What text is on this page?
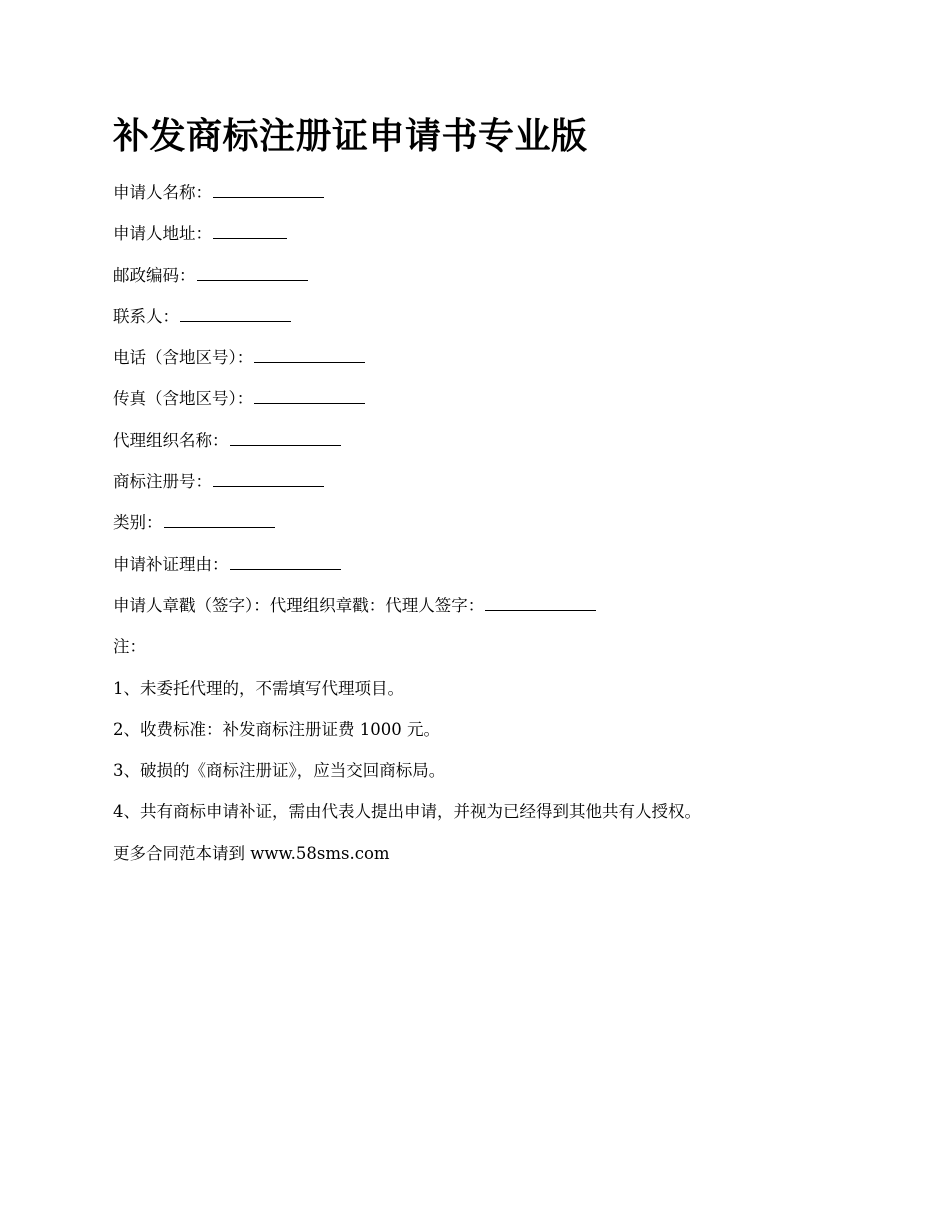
补发商标注册证申请书专业版
申请人名称：
申请人地址：
邮政编码：
联系人：
电话（含地区号）：
传真（含地区号）：
代理组织名称：
商标注册号：
类别：
申请补证理由：
申请人章戳（签字）：代理组织章戳：代理人签字：
注：
1、未委托代理的，不需填写代理项目。
2、收费标准：补发商标注册证费 1000 元。
3、破损的《商标注册证》，应当交回商标局。
4、共有商标申请补证，需由代表人提出申请，并视为已经得到其他共有人授权。
更多合同范本请到 www.58sms.com
